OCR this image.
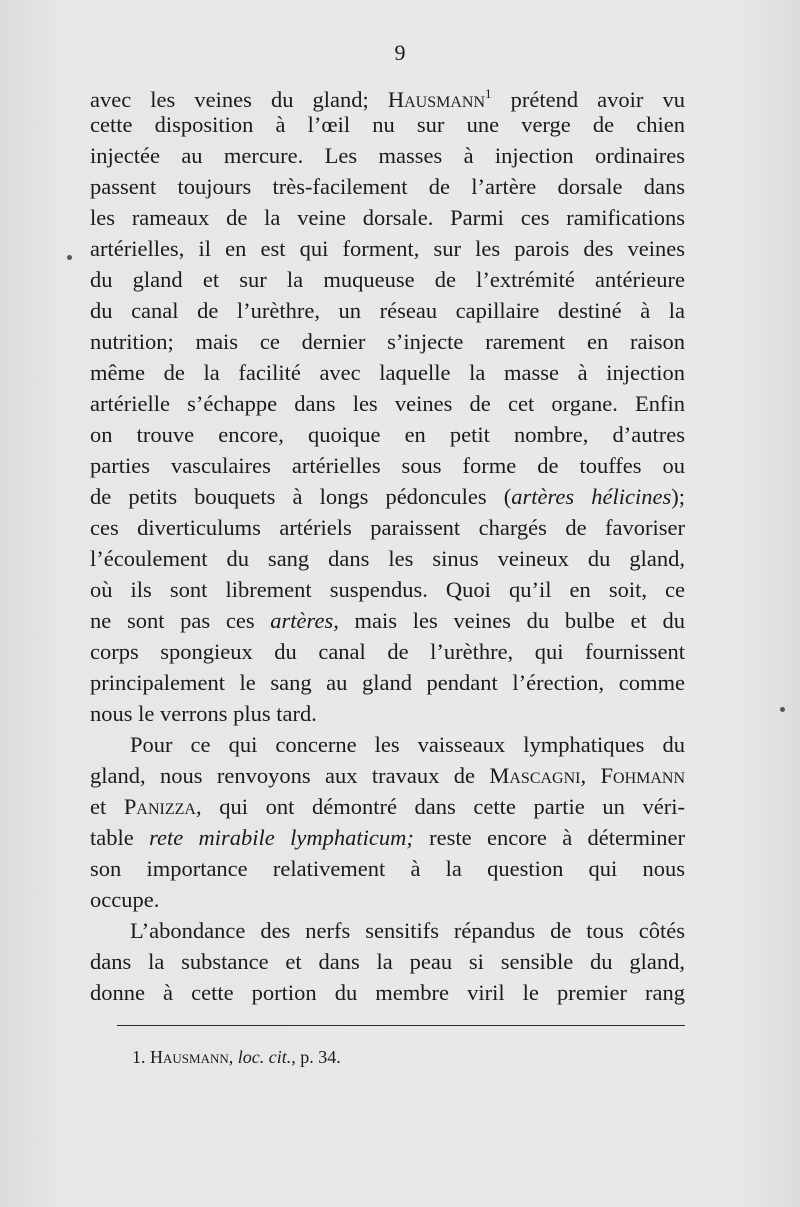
9
avec les veines du gland; Hausmann$^1$ prétend avoir vu
cette disposition à l’œil nu sur une verge de chien
injectée au mercure. Les masses à injection ordinaires
passent toujours très-facilement de l’artère dorsale dans
les rameaux de la veine dorsale. Parmi ces ramifications
artérielles, il en est qui forment, sur les parois des veines
du gland et sur la muqueuse de l’extrémité antérieure
du canal de l’urèthre, un réseau capillaire destiné à la
nutrition; mais ce dernier s’injecte rarement en raison
même de la facilité avec laquelle la masse à injection
artérielle s’échappe dans les veines de cet organe. Enfin
on trouve encore, quoique en petit nombre, d’autres
parties vasculaires artérielles sous forme de touffes ou
de petits bouquets à longs pédoncules (artères hélicines);
ces diverticulums artériels paraissent chargés de favoriser
l’écoulement du sang dans les sinus veineux du gland,
où ils sont librement suspendus. Quoi qu’il en soit, ce
ne sont pas ces artères, mais les veines du bulbe et du
corps spongieux du canal de l’urèthre, qui fournissent
principalement le sang au gland pendant l’érection, comme
nous le verrons plus tard.
Pour ce qui concerne les vaisseaux lymphatiques du
gland, nous renvoyons aux travaux de Mascagni, Fohmann
et Panizza, qui ont démontré dans cette partie un véri-
table rete mirabile lymphaticum; reste encore à déterminer
son importance relativement à la question qui nous
occupe.
L’abondance des nerfs sensitifs répandus de tous côtés
dans la substance et dans la peau si sensible du gland,
donne à cette portion du membre viril le premier rang
1. Hausmann, loc. cit., p. 34.
